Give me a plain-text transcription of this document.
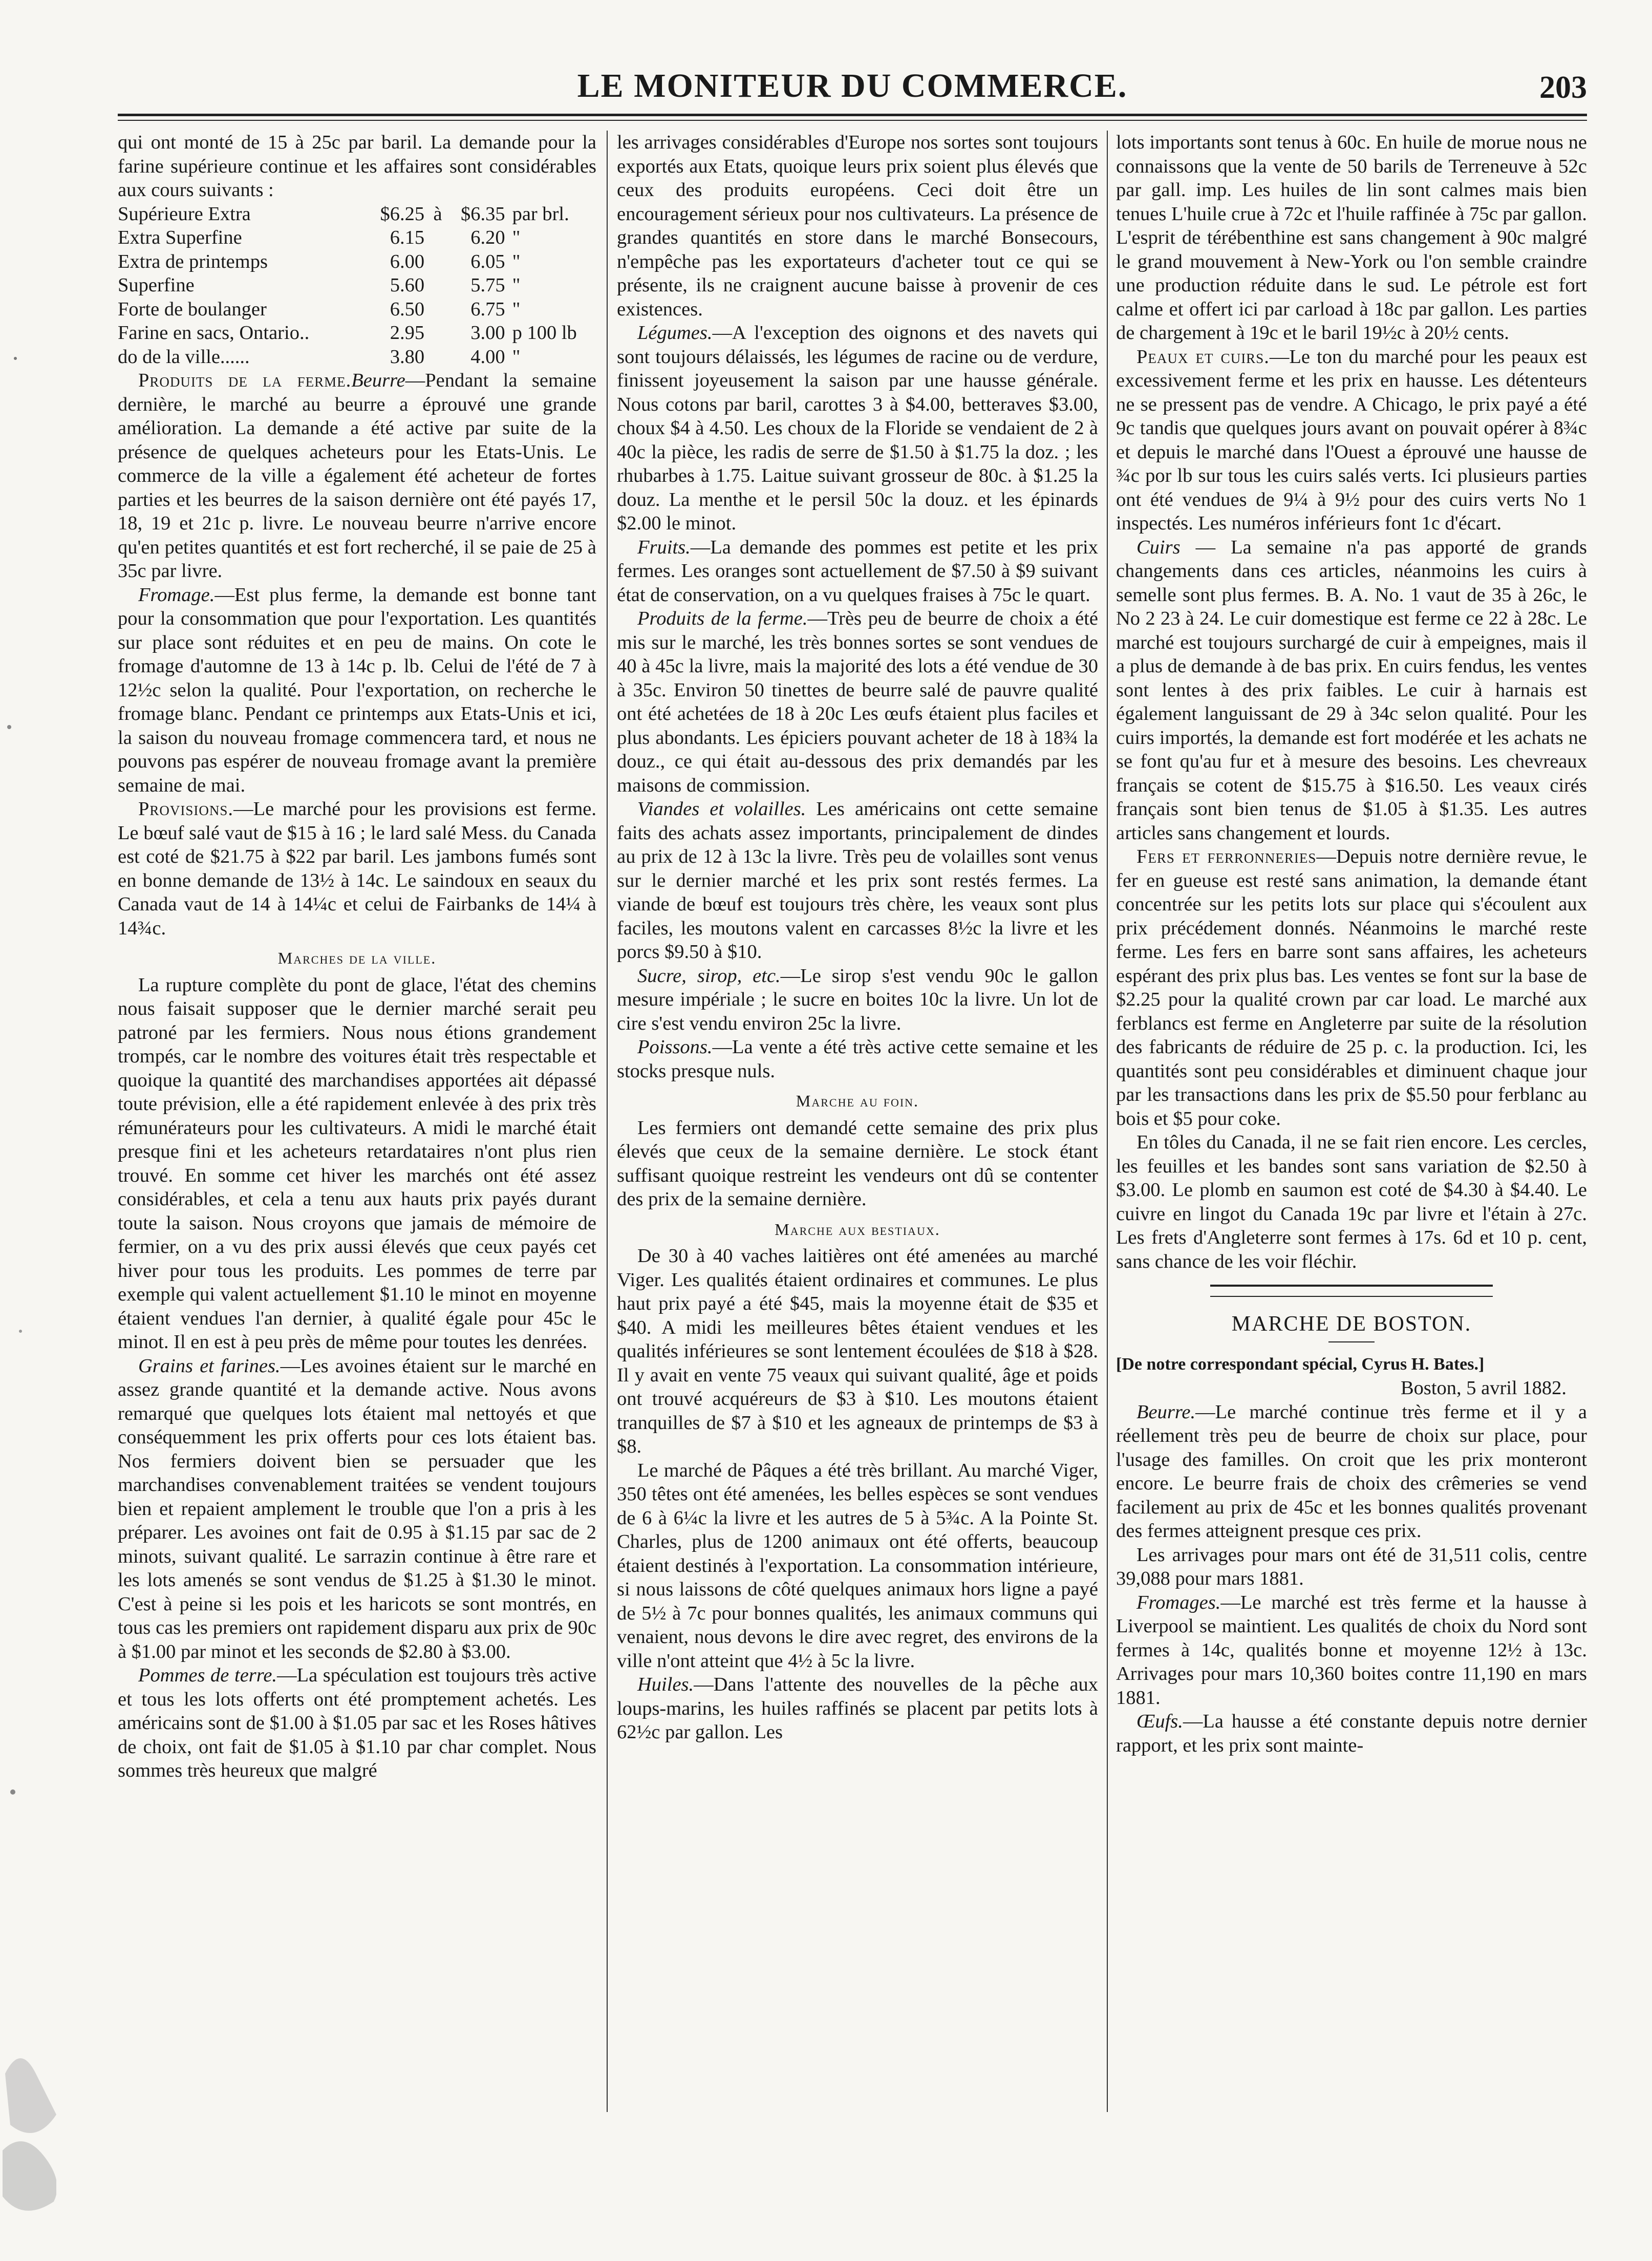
LE MONITEUR DU COMMERCE.	203

qui ont monté de 15 à 25c par baril. La demande pour la farine supérieure continue et les affaires sont considérables aux cours suivants :

Supérieure Extra	$6.25	à	$6.35	par brl.
Extra Superfine	6.15		6.20	"
Extra de printemps	6.00		6.05	"
Superfine	5.60		5.75	"
Forte de boulanger	6.50		6.75	"
Farine en sacs, Ontario..	2.95		3.00	p 100 lb
do de la ville......	3.80		4.00	"

Produits de la ferme.Beurre—Pendant la semaine dernière, le marché au beurre a éprouvé une grande amélioration. La demande a été active par suite de la présence de quelques acheteurs pour les Etats-Unis. Le commerce de la ville a également été acheteur de fortes parties et les beurres de la saison dernière ont été payés 17, 18, 19 et 21c p. livre. Le nouveau beurre n'arrive encore qu'en petites quantités et est fort recherché, il se paie de 25 à 35c par livre.

Fromage.—Est plus ferme, la demande est bonne tant pour la consommation que pour l'exportation. Les quantités sur place sont réduites et en peu de mains. On cote le fromage d'automne de 13 à 14c p. lb. Celui de l'été de 7 à 12½c selon la qualité. Pour l'exportation, on recherche le fromage blanc. Pendant ce printemps aux Etats-Unis et ici, la saison du nouveau fromage commencera tard, et nous ne pouvons pas espérer de nouveau fromage avant la première semaine de mai.

Provisions.—Le marché pour les provisions est ferme. Le bœuf salé vaut de $15 à 16 ; le lard salé Mess. du Canada est coté de $21.75 à $22 par baril. Les jambons fumés sont en bonne demande de 13½ à 14c. Le saindoux en seaux du Canada vaut de 14 à 14¼c et celui de Fairbanks de 14¼ à 14¾c.

Marches de la ville.

La rupture complète du pont de glace, l'état des chemins nous faisait supposer que le dernier marché serait peu patroné par les fermiers. Nous nous étions grandement trompés, car le nombre des voitures était très respectable et quoique la quantité des marchandises apportées ait dépassé toute prévision, elle a été rapidement enlevée à des prix très rémunérateurs pour les cultivateurs. A midi le marché était presque fini et les acheteurs retardataires n'ont plus rien trouvé. En somme cet hiver les marchés ont été assez considérables, et cela a tenu aux hauts prix payés durant toute la saison. Nous croyons que jamais de mémoire de fermier, on a vu des prix aussi élevés que ceux payés cet hiver pour tous les produits. Les pommes de terre par exemple qui valent actuellement $1.10 le minot en moyenne étaient vendues l'an dernier, à qualité égale pour 45c le minot. Il en est à peu près de même pour toutes les denrées.

Grains et farines.—Les avoines étaient sur le marché en assez grande quantité et la demande active. Nous avons remarqué que quelques lots étaient mal nettoyés et que conséquemment les prix offerts pour ces lots étaient bas. Nos fermiers doivent bien se persuader que les marchandises convenablement traitées se vendent toujours bien et repaient amplement le trouble que l'on a pris à les préparer. Les avoines ont fait de 0.95 à $1.15 par sac de 2 minots, suivant qualité. Le sarrazin continue à être rare et les lots amenés se sont vendus de $1.25 à $1.30 le minot. C'est à peine si les pois et les haricots se sont montrés, en tous cas les premiers ont rapidement disparu aux prix de 90c à $1.00 par minot et les seconds de $2.80 à $3.00.

Pommes de terre.—La spéculation est toujours très active et tous les lots offerts ont été promptement achetés. Les américains sont de $1.00 à $1.05 par sac et les Roses hâtives de choix, ont fait de $1.05 à $1.10 par char complet. Nous sommes très heureux que malgré

les arrivages considérables d'Europe nos sortes sont toujours exportés aux Etats, quoique leurs prix soient plus élevés que ceux des produits européens. Ceci doit être un encouragement sérieux pour nos cultivateurs. La présence de grandes quantités en store dans le marché Bonsecours, n'empêche pas les exportateurs d'acheter tout ce qui se présente, ils ne craignent aucune baisse à provenir de ces existences.

Légumes.—A l'exception des oignons et des navets qui sont toujours délaissés, les légumes de racine ou de verdure, finissent joyeusement la saison par une hausse générale. Nous cotons par baril, carottes 3 à $4.00, betteraves $3.00, choux $4 à 4.50. Les choux de la Floride se vendaient de 2 à 40c la pièce, les radis de serre de $1.50 à $1.75 la doz. ; les rhubarbes à 1.75. Laitue suivant grosseur de 80c. à $1.25 la douz. La menthe et le persil 50c la douz. et les épinards $2.00 le minot.

Fruits.—La demande des pommes est petite et les prix fermes. Les oranges sont actuellement de $7.50 à $9 suivant état de conservation, on a vu quelques fraises à 75c le quart.

Produits de la ferme.—Très peu de beurre de choix a été mis sur le marché, les très bonnes sortes se sont vendues de 40 à 45c la livre, mais la majorité des lots a été vendue de 30 à 35c. Environ 50 tinettes de beurre salé de pauvre qualité ont été achetées de 18 à 20c Les œufs étaient plus faciles et plus abondants. Les épiciers pouvant acheter de 18 à 18¾ la douz., ce qui était au-dessous des prix demandés par les maisons de commission.

Viandes et volailles. Les américains ont cette semaine faits des achats assez importants, principalement de dindes au prix de 12 à 13c la livre. Très peu de volailles sont venus sur le dernier marché et les prix sont restés fermes. La viande de bœuf est toujours très chère, les veaux sont plus faciles, les moutons valent en carcasses 8½c la livre et les porcs $9.50 à $10.

Sucre, sirop, etc.—Le sirop s'est vendu 90c le gallon mesure impériale ; le sucre en boites 10c la livre. Un lot de cire s'est vendu environ 25c la livre.

Poissons.—La vente a été très active cette semaine et les stocks presque nuls.

Marche au foin.

Les fermiers ont demandé cette semaine des prix plus élevés que ceux de la semaine dernière. Le stock étant suffisant quoique restreint les vendeurs ont dû se contenter des prix de la semaine dernière.

Marche aux bestiaux.

De 30 à 40 vaches laitières ont été amenées au marché Viger. Les qualités étaient ordinaires et communes. Le plus haut prix payé a été $45, mais la moyenne était de $35 et $40. A midi les meilleures bêtes étaient vendues et les qualités inférieures se sont lentement écoulées de $18 à $28. Il y avait en vente 75 veaux qui suivant qualité, âge et poids ont trouvé acquéreurs de $3 à $10. Les moutons étaient tranquilles de $7 à $10 et les agneaux de printemps de $3 à $8.

Le marché de Pâques a été très brillant. Au marché Viger, 350 têtes ont été amenées, les belles espèces se sont vendues de 6 à 6¼c la livre et les autres de 5 à 5¾c. A la Pointe St. Charles, plus de 1200 animaux ont été offerts, beaucoup étaient destinés à l'exportation. La consommation intérieure, si nous laissons de côté quelques animaux hors ligne a payé de 5½ à 7c pour bonnes qualités, les animaux communs qui venaient, nous devons le dire avec regret, des environs de la ville n'ont atteint que 4½ à 5c la livre.

Huiles.—Dans l'attente des nouvelles de la pêche aux loups-marins, les huiles raffinés se placent par petits lots à 62½c par gallon. Les

lots importants sont tenus à 60c. En huile de morue nous ne connaissons que la vente de 50 barils de Terreneuve à 52c par gall. imp. Les huiles de lin sont calmes mais bien tenues L'huile crue à 72c et l'huile raffinée à 75c par gallon. L'esprit de térébenthine est sans changement à 90c malgré le grand mouvement à New-York ou l'on semble craindre une production réduite dans le sud. Le pétrole est fort calme et offert ici par carload à 18c par gallon. Les parties de chargement à 19c et le baril 19½c à 20½ cents.

Peaux et cuirs.—Le ton du marché pour les peaux est excessivement ferme et les prix en hausse. Les détenteurs ne se pressent pas de vendre. A Chicago, le prix payé a été 9c tandis que quelques jours avant on pouvait opérer à 8¾c et depuis le marché dans l'Ouest a éprouvé une hausse de ¾c por lb sur tous les cuirs salés verts. Ici plusieurs parties ont été vendues de 9¼ à 9½ pour des cuirs verts No 1 inspectés. Les numéros inférieurs font 1c d'écart.

Cuirs — La semaine n'a pas apporté de grands changements dans ces articles, néanmoins les cuirs à semelle sont plus fermes. B. A. No. 1 vaut de 35 à 26c, le No 2 23 à 24. Le cuir domestique est ferme ce 22 à 28c. Le marché est toujours surchargé de cuir à empeignes, mais il a plus de demande à de bas prix. En cuirs fendus, les ventes sont lentes à des prix faibles. Le cuir à harnais est également languissant de 29 à 34c selon qualité. Pour les cuirs importés, la demande est fort modérée et les achats ne se font qu'au fur et à mesure des besoins. Les chevreaux français se cotent de $15.75 à $16.50. Les veaux cirés français sont bien tenus de $1.05 à $1.35. Les autres articles sans changement et lourds.

Fers et ferronneries—Depuis notre dernière revue, le fer en gueuse est resté sans animation, la demande étant concentrée sur les petits lots sur place qui s'écoulent aux prix précédement donnés. Néanmoins le marché reste ferme. Les fers en barre sont sans affaires, les acheteurs espérant des prix plus bas. Les ventes se font sur la base de $2.25 pour la qualité crown par car load. Le marché aux ferblancs est ferme en Angleterre par suite de la résolution des fabricants de réduire de 25 p. c. la production. Ici, les quantités sont peu considérables et diminuent chaque jour par les transactions dans les prix de $5.50 pour ferblanc au bois et $5 pour coke.

En tôles du Canada, il ne se fait rien encore. Les cercles, les feuilles et les bandes sont sans variation de $2.50 à $3.00. Le plomb en saumon est coté de $4.30 à $4.40. Le cuivre en lingot du Canada 19c par livre et l'étain à 27c. Les frets d'Angleterre sont fermes à 17s. 6d et 10 p. cent, sans chance de les voir fléchir.

MARCHE DE BOSTON.

[De notre correspondant spécial, Cyrus H. Bates.]

Boston, 5 avril 1882.

Beurre.—Le marché continue très ferme et il y a réellement très peu de beurre de choix sur place, pour l'usage des familles. On croit que les prix monteront encore. Le beurre frais de choix des crêmeries se vend facilement au prix de 45c et les bonnes qualités provenant des fermes atteignent presque ces prix.

Les arrivages pour mars ont été de 31,511 colis, centre 39,088 pour mars 1881.

Fromages.—Le marché est très ferme et la hausse à Liverpool se maintient. Les qualités de choix du Nord sont fermes à 14c, qualités bonne et moyenne 12½ à 13c. Arrivages pour mars 10,360 boites contre 11,190 en mars 1881.

Œufs.—La hausse a été constante depuis notre dernier rapport, et les prix sont mainte-
